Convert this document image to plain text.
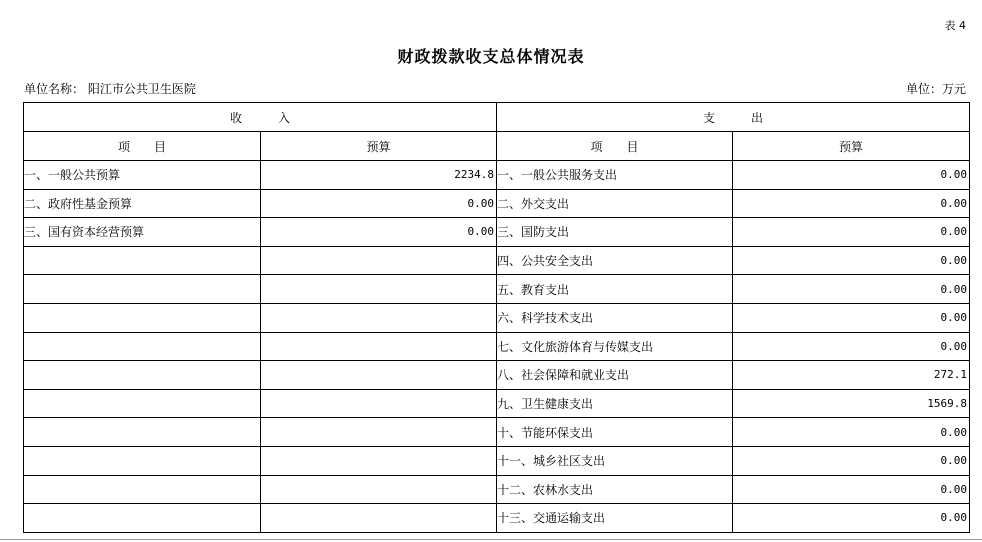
表 4
财政拨款收支总体情况表
单位名称： 阳江市公共卫生医院	单位：万元
收　　　入		支　　　出	
项　　目	预算	项　　目	预算
一、一般公共预算	2234.8	一、一般公共服务支出	0.00
二、政府性基金预算	0.00	二、外交支出	0.00
三、国有资本经营预算	0.00	三、国防支出	0.00
		四、公共安全支出	0.00
		五、教育支出	0.00
		六、科学技术支出	0.00
		七、文化旅游体育与传媒支出	0.00
		八、社会保障和就业支出	272.1
		九、卫生健康支出	1569.8
		十、节能环保支出	0.00
		十一、城乡社区支出	0.00
		十二、农林水支出	0.00
		十三、交通运输支出	0.00
